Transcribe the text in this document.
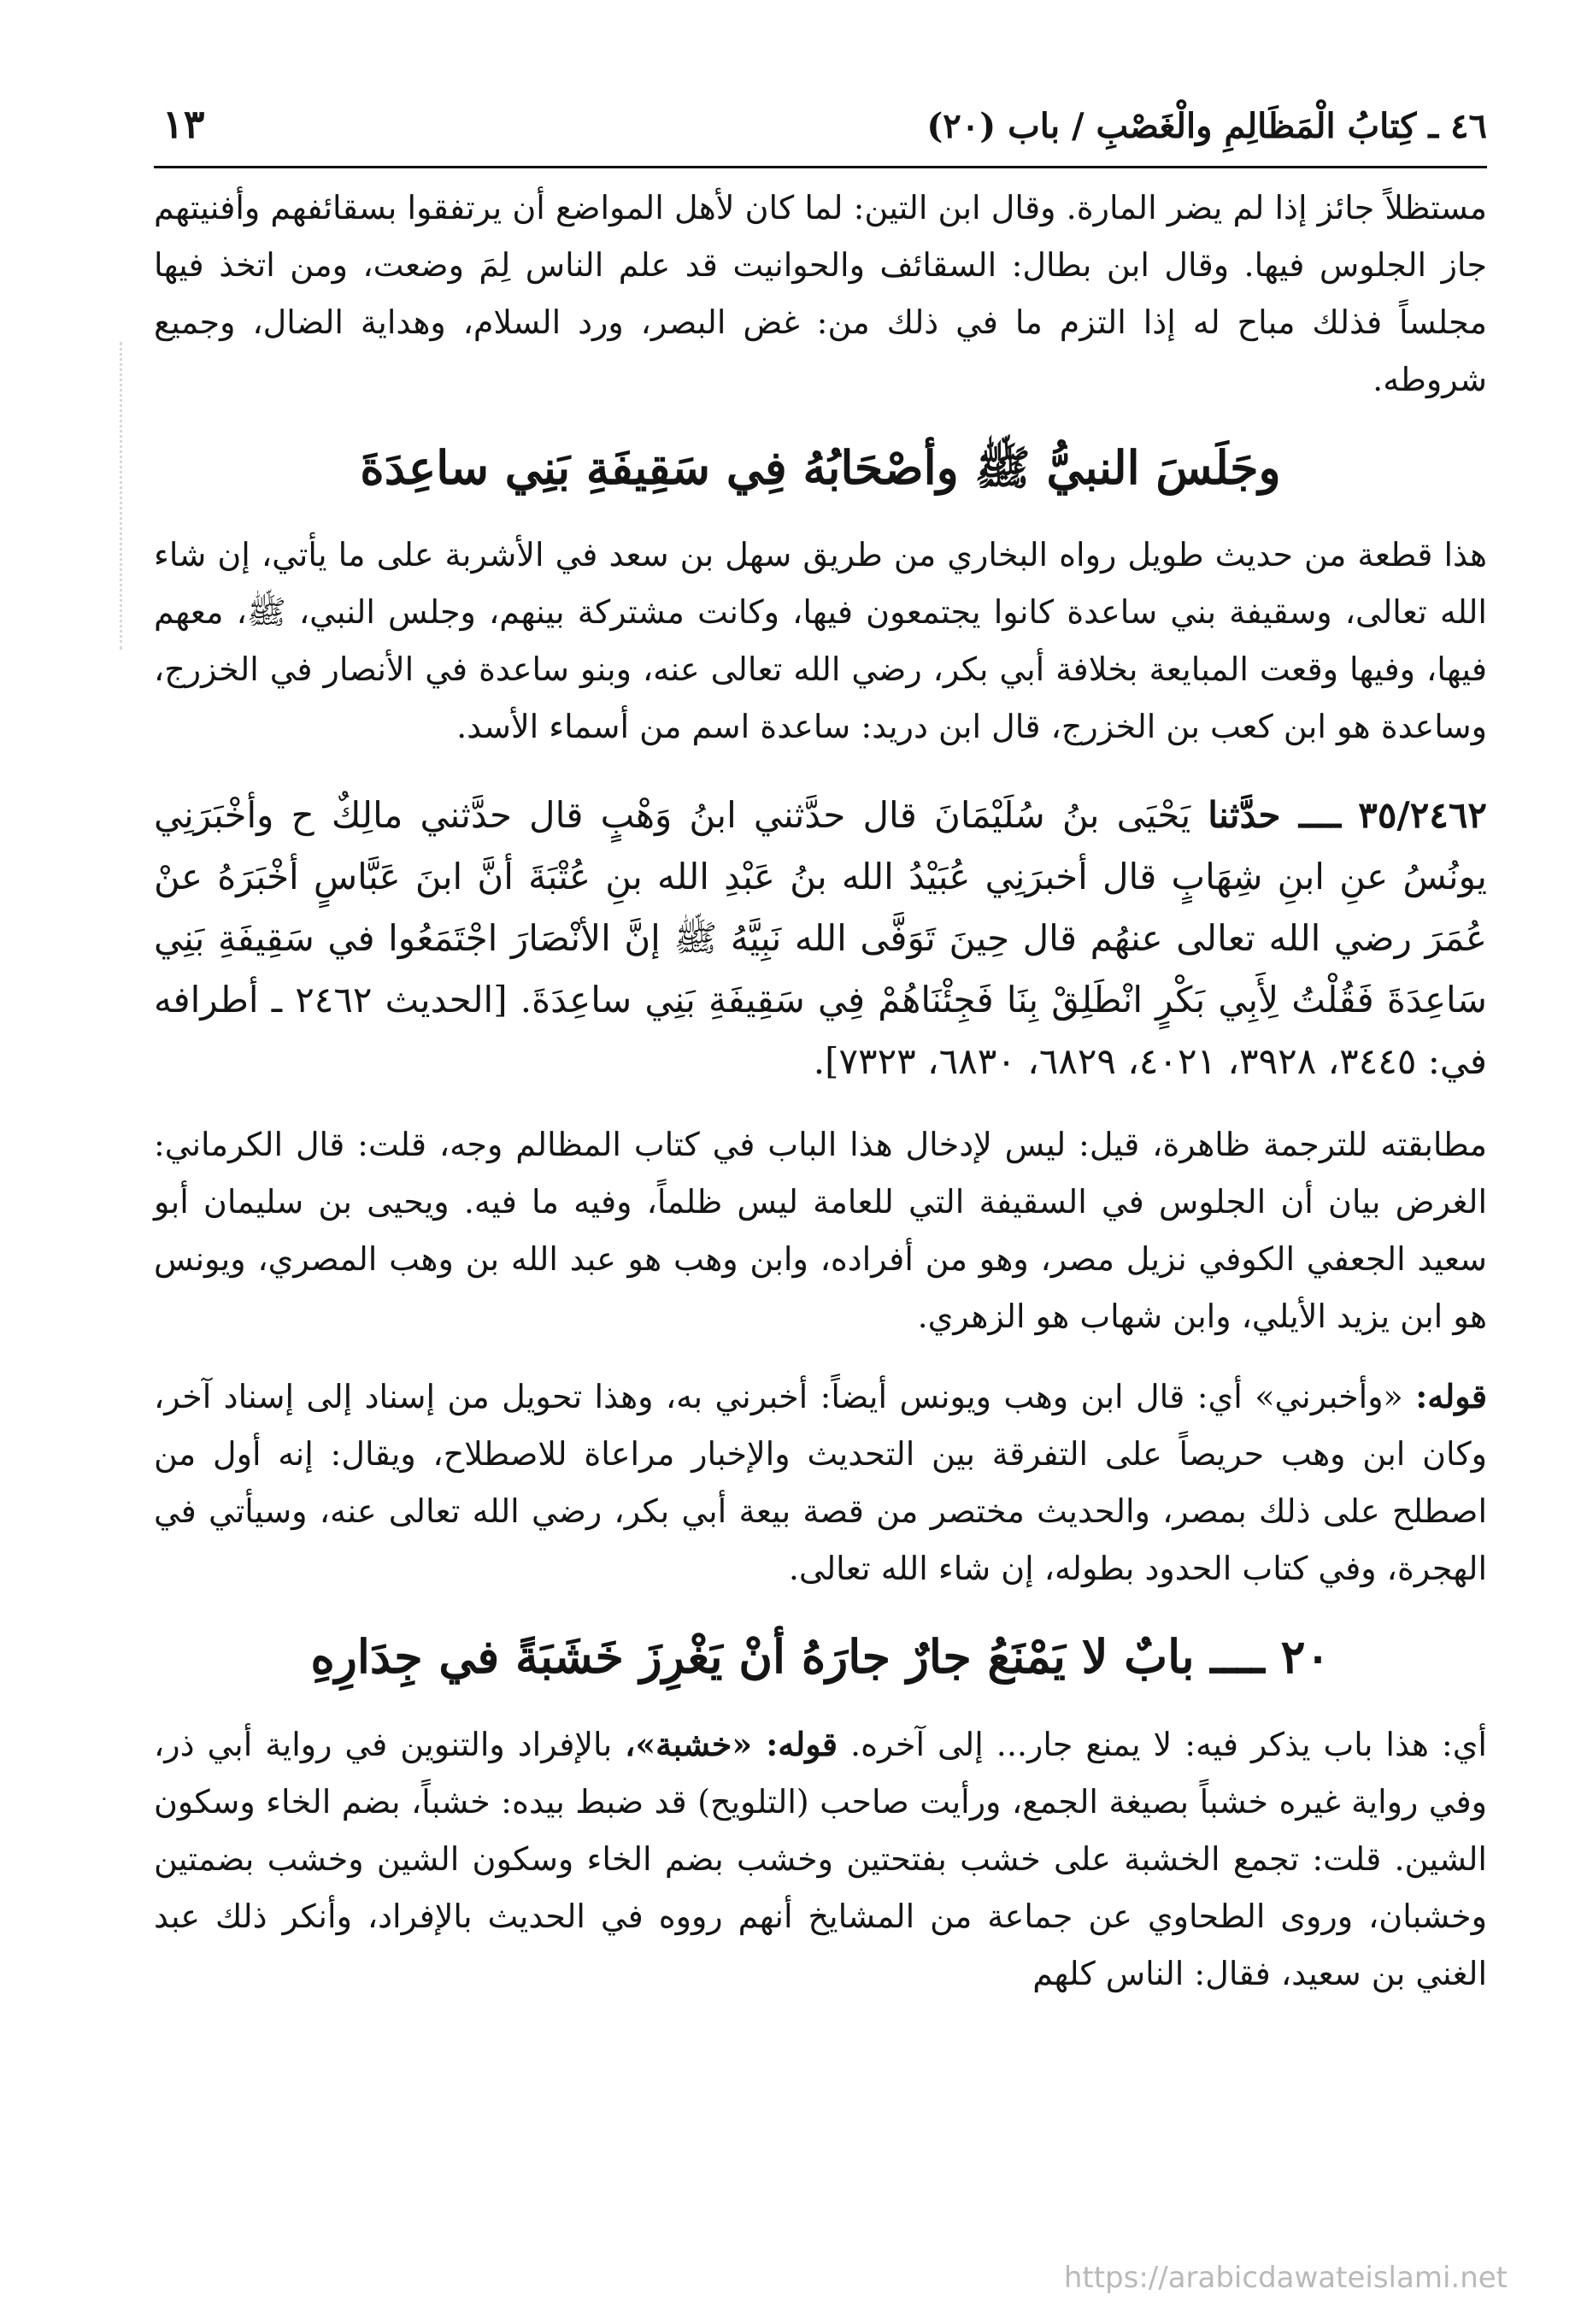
١٣	٤٦ ـ كِتابُ الْمَظَالِمِ والْغَصْبِ / باب (٢٠)

مستظلاً جائز إذا لم يضر المارة. وقال ابن التين: لما كان لأهل المواضع أن يرتفقوا بسقائفهم وأفنيتهم جاز الجلوس فيها. وقال ابن بطال: السقائف والحوانيت قد علم الناس لِمَ وضعت، ومن اتخذ فيها مجلساً فذلك مباح له إذا التزم ما في ذلك من: غض البصر، ورد السلام، وهداية الضال، وجميع شروطه.

وجَلَسَ النبيُّ ﷺ وأصْحَابُهُ فِي سَقِيفَةِ بَنِي ساعِدَةَ

هذا قطعة من حديث طويل رواه البخاري من طريق سهل بن سعد في الأشربة على ما يأتي، إن شاء الله تعالى، وسقيفة بني ساعدة كانوا يجتمعون فيها، وكانت مشتركة بينهم، وجلس النبي، ﷺ، معهم فيها، وفيها وقعت المبايعة بخلافة أبي بكر، رضي الله تعالى عنه، وبنو ساعدة في الأنصار في الخزرج، وساعدة هو ابن كعب بن الخزرج، قال ابن دريد: ساعدة اسم من أسماء الأسد.

٣٥/٢٤٦٢ ــــ حدَّثنا يَحْيَى بنُ سُلَيْمَانَ قال حدَّثني ابنُ وَهْبٍ قال حدَّثني مالِكٌ ح وأخْبَرَنِي يونُسُ عنِ ابنِ شِهَابٍ قال أخبرَنِي عُبَيْدُ الله بنُ عَبْدِ الله بنِ عُتْبَةَ أنَّ ابنَ عَبَّاسٍ أخْبَرَهُ عنْ عُمَرَ رضي الله تعالى عنهُم قال حِينَ تَوَفَّى الله نَبِيَّهُ ﷺ إنَّ الأنْصَارَ اجْتَمَعُوا في سَقِيفَةِ بَنِي سَاعِدَةَ فَقُلْتُ لِأَبِي بَكْرٍ انْطَلِقْ بِنَا فَجِئْنَاهُمْ فِي سَقِيفَةِ بَنِي ساعِدَةَ. [الحديث ٢٤٦٢ ـ أطرافه في: ٣٤٤٥، ٣٩٢٨، ٤٠٢١، ٦٨٢٩، ٦٨٣٠، ٧٣٢٣].

مطابقته للترجمة ظاهرة، قيل: ليس لإدخال هذا الباب في كتاب المظالم وجه، قلت: قال الكرماني: الغرض بيان أن الجلوس في السقيفة التي للعامة ليس ظلماً، وفيه ما فيه. ويحيى بن سليمان أبو سعيد الجعفي الكوفي نزيل مصر، وهو من أفراده، وابن وهب هو عبد الله بن وهب المصري، ويونس هو ابن يزيد الأيلي، وابن شهاب هو الزهري.

قوله: «وأخبرني» أي: قال ابن وهب ويونس أيضاً: أخبرني به، وهذا تحويل من إسناد إلى إسناد آخر، وكان ابن وهب حريصاً على التفرقة بين التحديث والإخبار مراعاة للاصطلاح، ويقال: إنه أول من اصطلح على ذلك بمصر، والحديث مختصر من قصة بيعة أبي بكر، رضي الله تعالى عنه، وسيأتي في الهجرة، وفي كتاب الحدود بطوله، إن شاء الله تعالى.

٢٠ ــــ بابٌ لا يَمْنَعُ جارٌ جارَهُ أنْ يَغْرِزَ خَشَبَةً في جِدَارِهِ

أي: هذا باب يذكر فيه: لا يمنع جار... إلى آخره. قوله: «خشبة»، بالإفراد والتنوين في رواية أبي ذر، وفي رواية غيره خشباً بصيغة الجمع، ورأيت صاحب (التلويح) قد ضبط بيده: خشباً، بضم الخاء وسكون الشين. قلت: تجمع الخشبة على خشب بفتحتين وخشب بضم الخاء وسكون الشين وخشب بضمتين وخشبان، وروى الطحاوي عن جماعة من المشايخ أنهم رووه في الحديث بالإفراد، وأنكر ذلك عبد الغني بن سعيد، فقال: الناس كلهم

https://arabicdawateislami.net
